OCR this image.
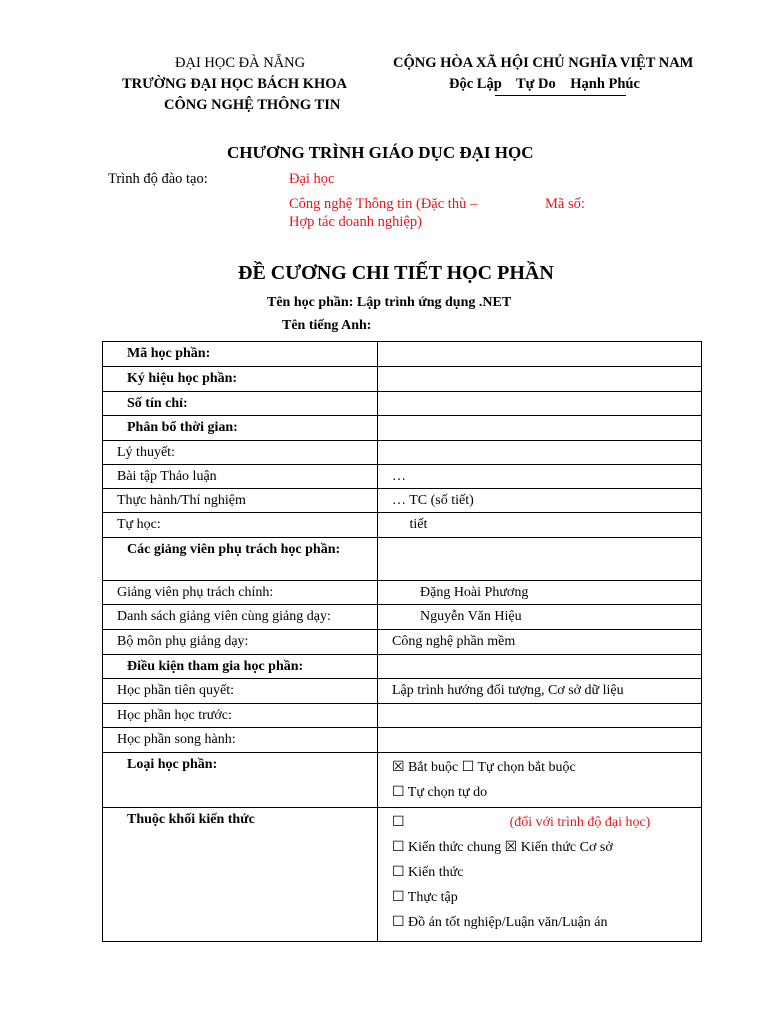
ĐẠI HỌC ĐÀ NẴNG
TRƯỜNG ĐẠI HỌC BÁCH KHOA
CÔNG NGHỆ THÔNG TIN
CỘNG HÒA XÃ HỘI CHỦ NGHĨA VIỆT NAM
Độc Lập    Tự Do    Hạnh Phúc
CHƯƠNG TRÌNH GIÁO DỤC ĐẠI HỌC
Trình độ đào tạo:	Đại học
Công nghệ Thông tin (Đặc thù –
Hợp tác doanh nghiệp)
Mã số:
ĐỀ CƯƠNG CHI TIẾT HỌC PHẦN
Tên học phần: Lập trình ứng dụng .NET
Tên tiếng Anh:
Mã học phần:	
Ký hiệu học phần:	
Số tín chỉ:	
Phân bổ thời gian:	
Lý thuyết:	
Bài tập Thảo luận	…
Thực hành/Thí nghiệm	… TC (số tiết)
Tự học:	tiết
Các giảng viên phụ trách học phần:	
Giảng viên phụ trách chính:	Đặng Hoài Phương
Danh sách giảng viên cùng giảng dạy:	Nguyễn Văn Hiệu
Bộ môn phụ giảng dạy:	Công nghệ phần mềm
Điều kiện tham gia học phần:	
Học phần tiên quyết:	Lập trình hướng đối tượng, Cơ sở dữ liệu
Học phần học trước:	
Học phần song hành:	
Loại học phần:	☒ Bắt buộc ☐ Tự chọn bắt buộc
☐ Tự chọn tự do

Thuộc khối kiến thức	☐ (đối với trình độ đại học)
☐ Kiến thức chung ☒ Kiến thức Cơ sở
☐ Kiến thức
☐ Thực tập
☐ Đồ án tốt nghiệp/Luận văn/Luận án
